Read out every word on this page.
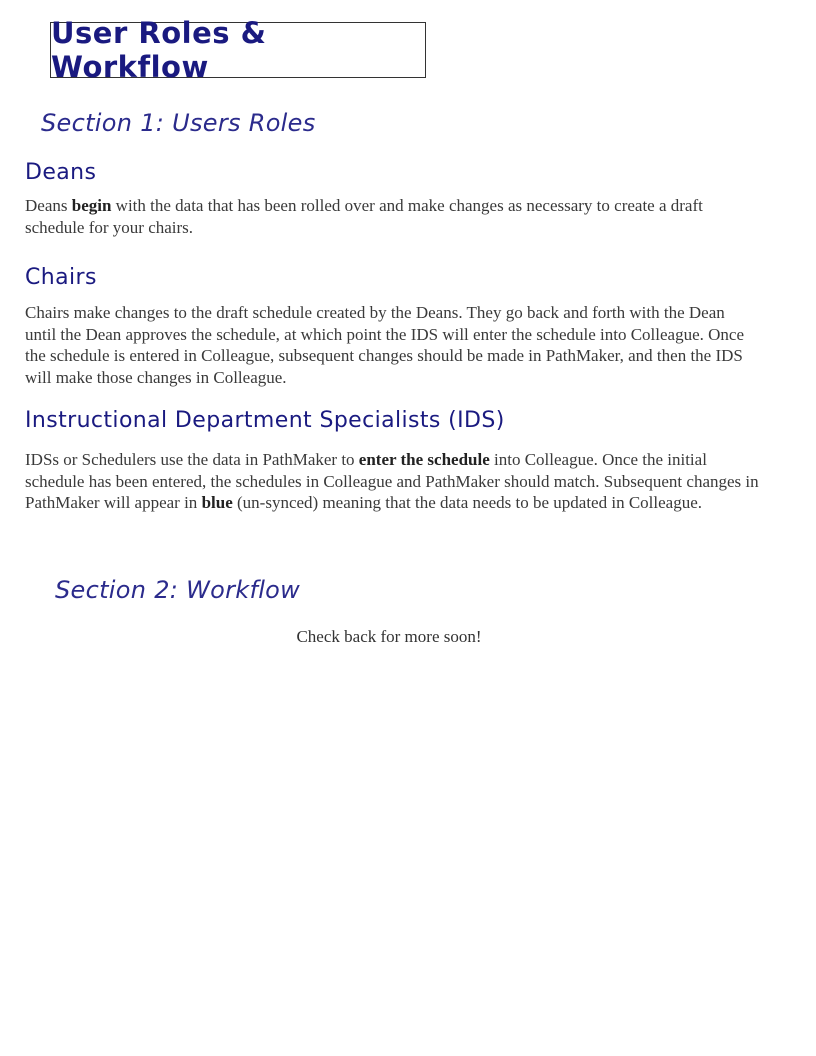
User Roles & Workflow
Section 1: Users Roles
Deans

Deans begin with the data that has been rolled over and make changes as necessary to create a draft schedule for your chairs.

Chairs

Chairs make changes to the draft schedule created by the Deans. They go back and forth with the Dean until the Dean approves the schedule, at which point the IDS will enter the schedule into Colleague. Once the schedule is entered in Colleague, subsequent changes should be made in PathMaker, and then the IDS will make those changes in Colleague.

Instructional Department Specialists (IDS)

IDSs or Schedulers use the data in PathMaker to enter the schedule into Colleague. Once the initial schedule has been entered, the schedules in Colleague and PathMaker should match. Subsequent changes in PathMaker will appear in blue (un-synced) meaning that the data needs to be updated in Colleague.

Section 2: Workflow

Check back for more soon!
